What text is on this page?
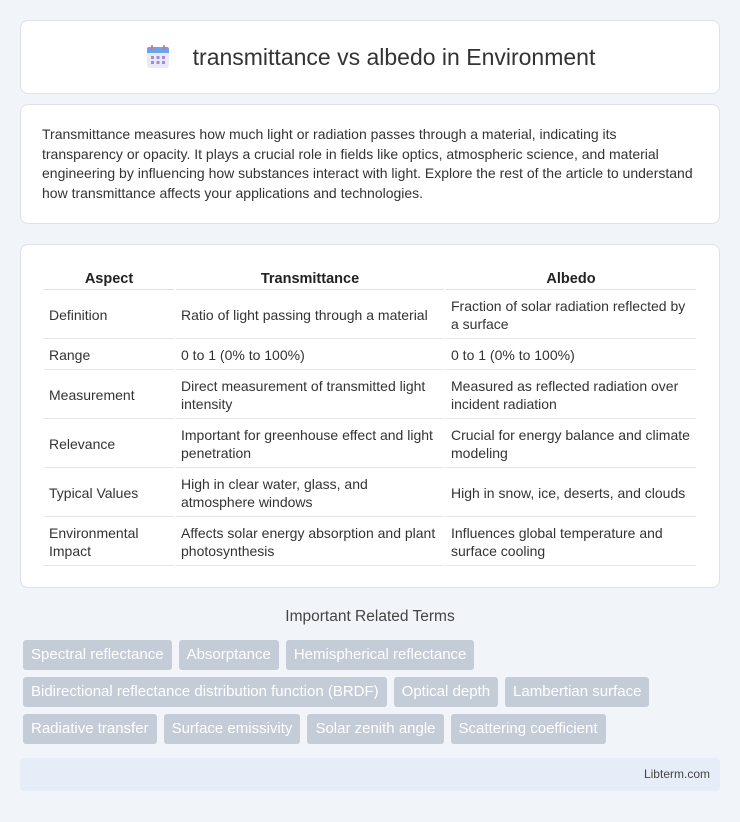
transmittance vs albedo in Environment

Transmittance measures how much light or radiation passes through a material, indicating its transparency or opacity. It plays a crucial role in fields like optics, atmospheric science, and material engineering by influencing how substances interact with light. Explore the rest of the article to understand how transmittance affects your applications and technologies.

Aspect	Transmittance	Albedo
Definition	Ratio of light passing through a material	Fraction of solar radiation reflected by a surface
Range	0 to 1 (0% to 100%)	0 to 1 (0% to 100%)
Measurement	Direct measurement of transmitted light intensity	Measured as reflected radiation over incident radiation
Relevance	Important for greenhouse effect and light penetration	Crucial for energy balance and climate modeling
Typical Values	High in clear water, glass, and atmosphere windows	High in snow, ice, deserts, and clouds
Environmental Impact	Affects solar energy absorption and plant photosynthesis	Influences global temperature and surface cooling
Important Related Terms
Spectral reflectance	Absorptance	Hemispherical reflectance
Bidirectional reflectance distribution function (BRDF)	Optical depth	Lambertian surface
Radiative transfer	Surface emissivity	Solar zenith angle	Scattering coefficient
Libterm.com
